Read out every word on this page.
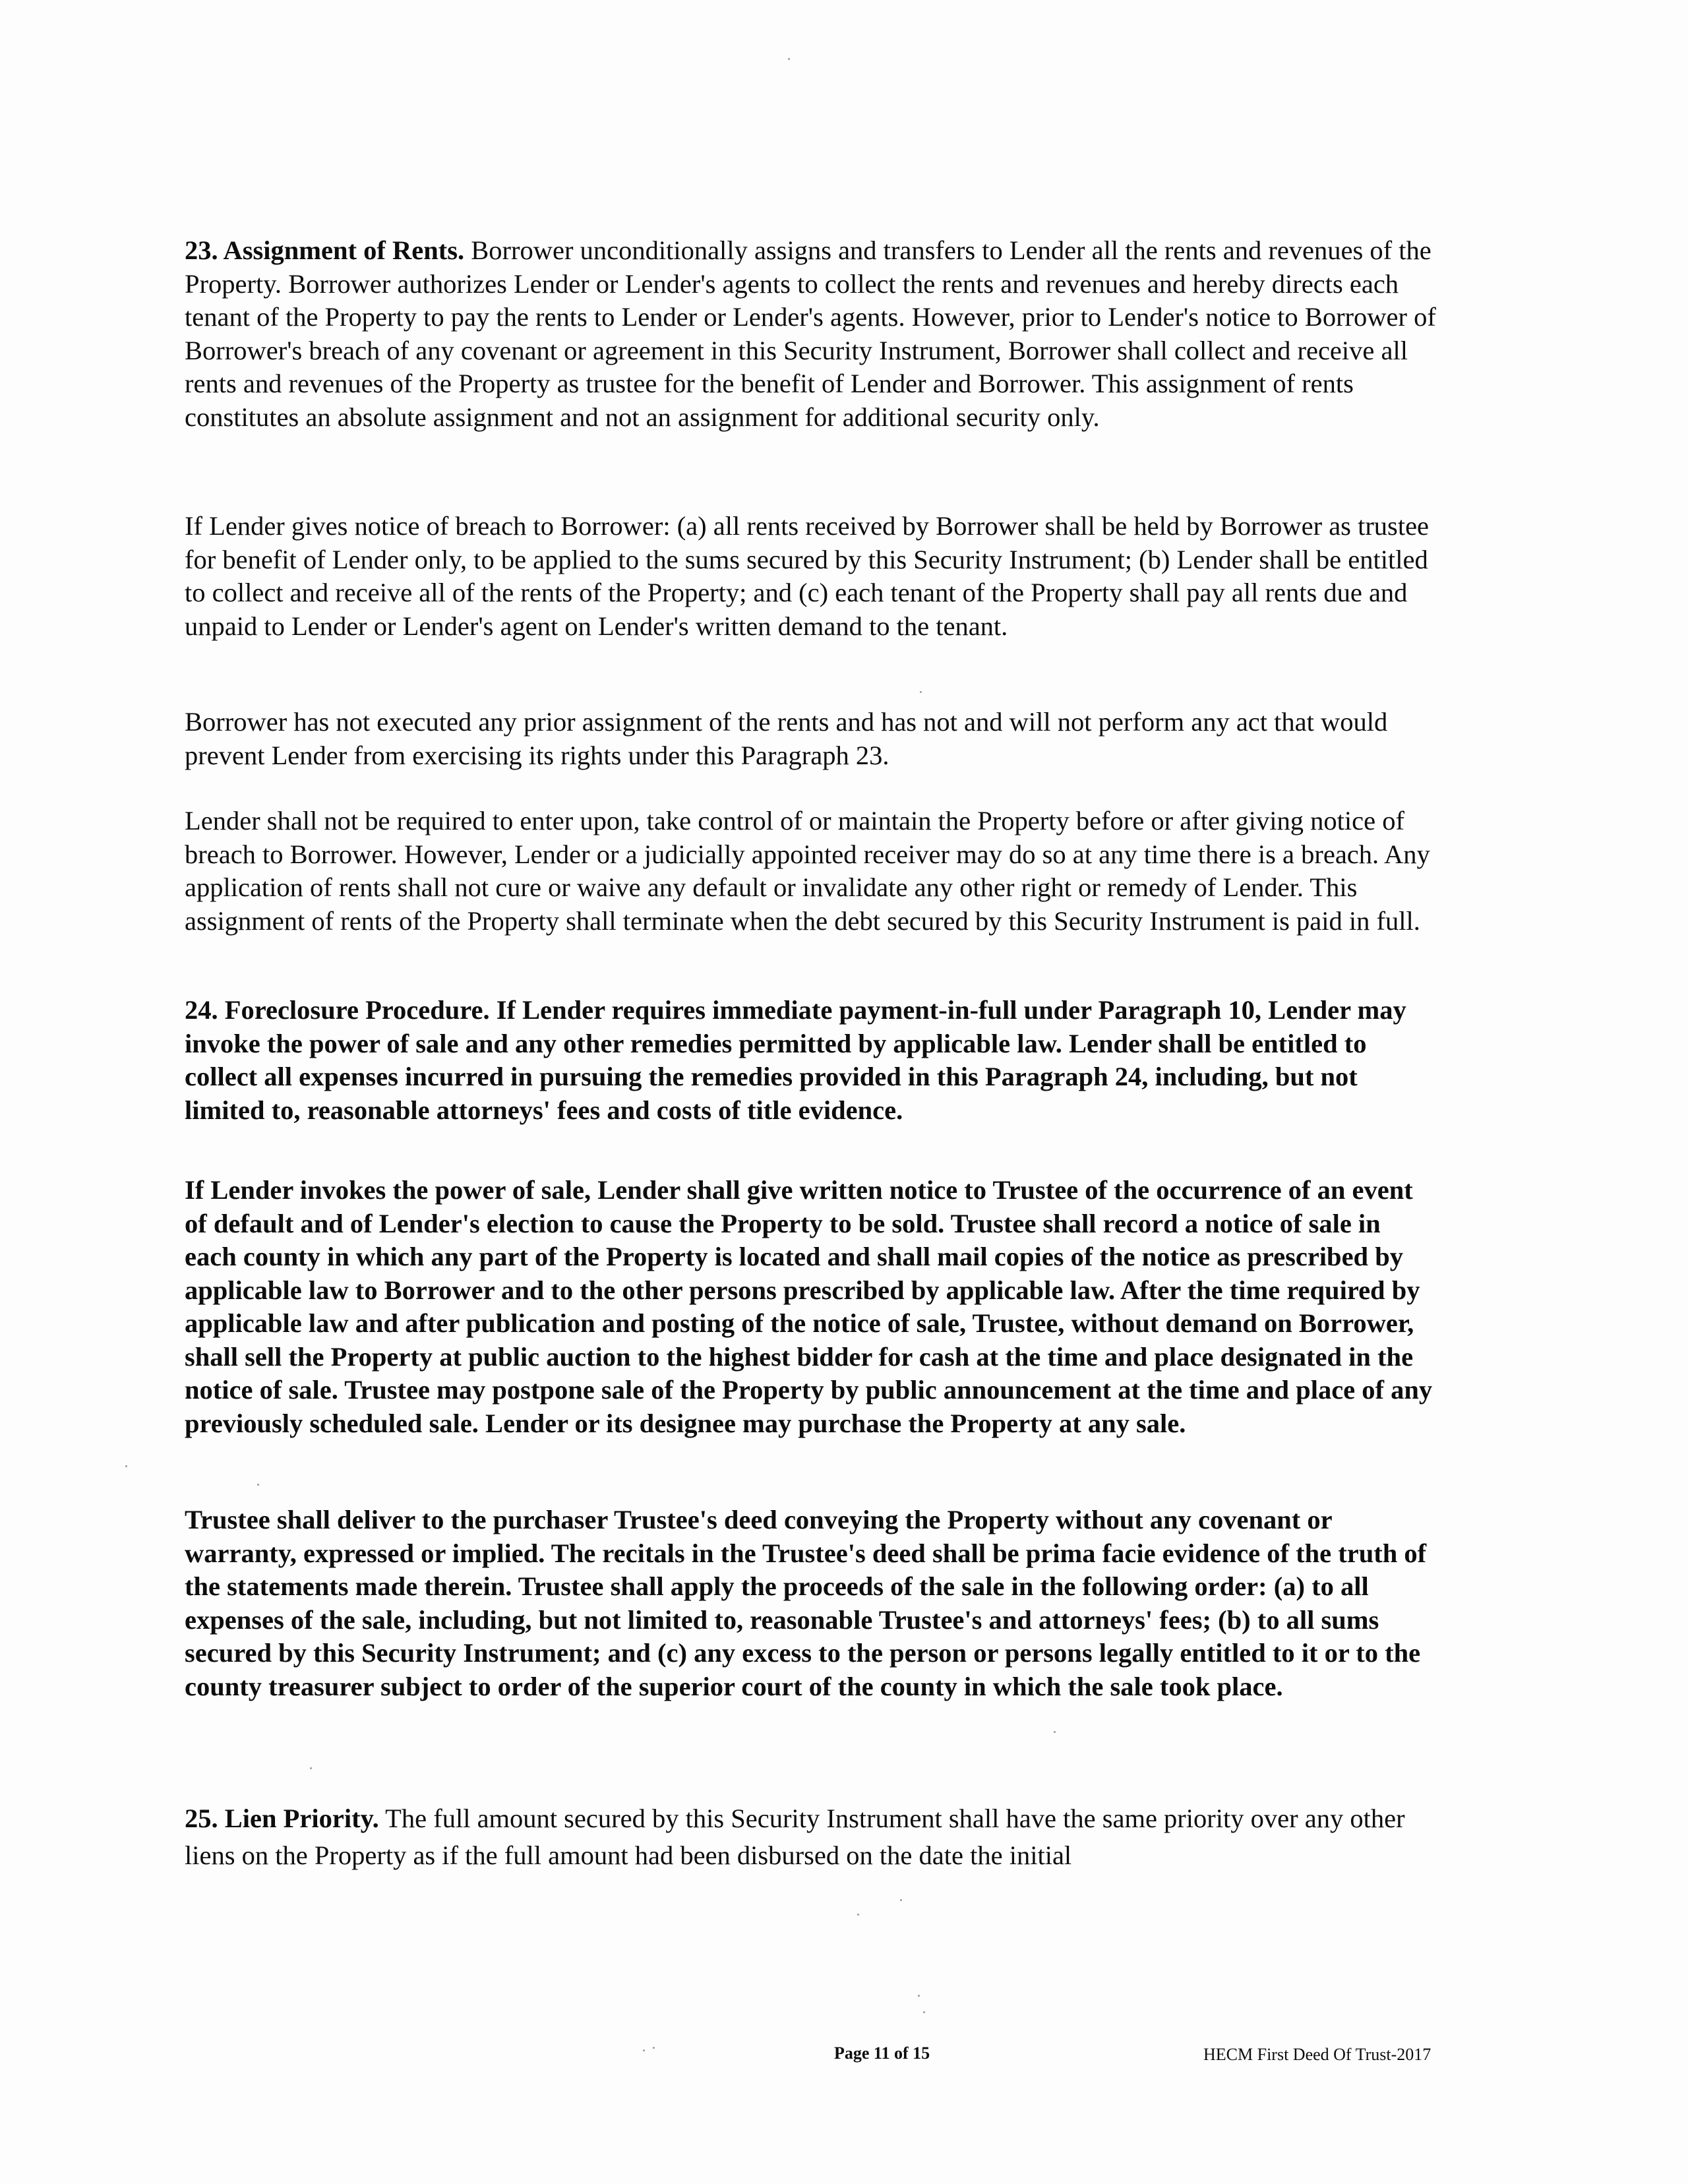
23. Assignment of Rents. Borrower unconditionally assigns and transfers to Lender all the rents and revenues of the Property. Borrower authorizes Lender or Lender's agents to collect the rents and revenues and hereby directs each tenant of the Property to pay the rents to Lender or Lender's agents. However, prior to Lender's notice to Borrower of Borrower's breach of any covenant or agreement in this Security Instrument, Borrower shall collect and receive all rents and revenues of the Property as trustee for the benefit of Lender and Borrower. This assignment of rents constitutes an absolute assignment and not an assignment for additional security only.

If Lender gives notice of breach to Borrower: (a) all rents received by Borrower shall be held by Borrower as trustee for benefit of Lender only, to be applied to the sums secured by this Security Instrument; (b) Lender shall be entitled to collect and receive all of the rents of the Property; and (c) each tenant of the Property shall pay all rents due and unpaid to Lender or Lender's agent on Lender's written demand to the tenant.

Borrower has not executed any prior assignment of the rents and has not and will not perform any act that would prevent Lender from exercising its rights under this Paragraph 23.

Lender shall not be required to enter upon, take control of or maintain the Property before or after giving notice of breach to Borrower. However, Lender or a judicially appointed receiver may do so at any time there is a breach. Any application of rents shall not cure or waive any default or invalidate any other right or remedy of Lender. This assignment of rents of the Property shall terminate when the debt secured by this Security Instrument is paid in full.

24. Foreclosure Procedure. If Lender requires immediate payment-in-full under Paragraph 10, Lender may invoke the power of sale and any other remedies permitted by applicable law. Lender shall be entitled to collect all expenses incurred in pursuing the remedies provided in this Paragraph 24, including, but not limited to, reasonable attorneys' fees and costs of title evidence.

If Lender invokes the power of sale, Lender shall give written notice to Trustee of the occurrence of an event of default and of Lender's election to cause the Property to be sold. Trustee shall record a notice of sale in each county in which any part of the Property is located and shall mail copies of the notice as prescribed by applicable law to Borrower and to the other persons prescribed by applicable law. After the time required by applicable law and after publication and posting of the notice of sale, Trustee, without demand on Borrower, shall sell the Property at public auction to the highest bidder for cash at the time and place designated in the notice of sale. Trustee may postpone sale of the Property by public announcement at the time and place of any previously scheduled sale. Lender or its designee may purchase the Property at any sale.

Trustee shall deliver to the purchaser Trustee's deed conveying the Property without any covenant or warranty, expressed or implied. The recitals in the Trustee's deed shall be prima facie evidence of the truth of the statements made therein. Trustee shall apply the proceeds of the sale in the following order: (a) to all expenses of the sale, including, but not limited to, reasonable Trustee's and attorneys' fees; (b) to all sums secured by this Security Instrument; and (c) any excess to the person or persons legally entitled to it or to the county treasurer subject to order of the superior court of the county in which the sale took place.

25. Lien Priority. The full amount secured by this Security Instrument shall have the same priority over any other liens on the Property as if the full amount had been disbursed on the date the initial

Page 11 of 15	HECM First Deed Of Trust-2017
